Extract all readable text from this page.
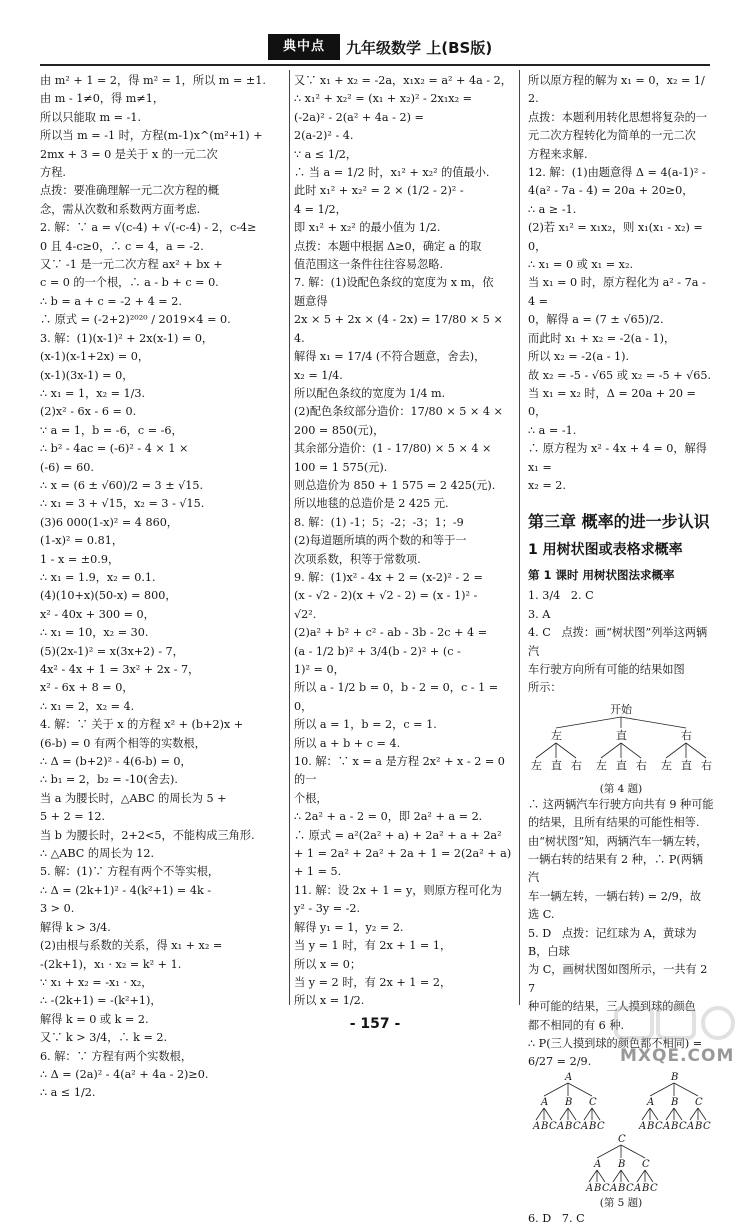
典中点	九年级数学 上(BS版)
由 m² + 1 = 2，得 m² = 1，所以 m = ±1.
由 m - 1≠0，得 m≠1，
所以只能取 m = -1.
所以当 m = -1 时，方程(m-1)x^(m²+1) +
2mx + 3 = 0 是关于 x 的一元二次
方程.
点拨：要准确理解一元二次方程的概
念，需从次数和系数两方面考虑.
2. 解：∵ a = √(c-4) + √(-c-4) - 2，c-4≥
0 且 4-c≥0，∴ c = 4，a = -2.
又∵ -1 是一元二次方程 ax² + bx +
c = 0 的一个根，∴ a - b + c = 0.
∴ b = a + c = -2 + 4 = 2.
∴ 原式 = (-2+2)²⁰²⁰ / 2019×4 = 0.
3. 解：(1)(x-1)² + 2x(x-1) = 0，
(x-1)(x-1+2x) = 0，
(x-1)(3x-1) = 0，
∴ x₁ = 1，x₂ = 1/3.
(2)x² - 6x - 6 = 0.
∵ a = 1，b = -6，c = -6，
∴ b² - 4ac = (-6)² - 4 × 1 ×
(-6) = 60.
∴ x = (6 ± √60)/2 = 3 ± √15.
∴ x₁ = 3 + √15，x₂ = 3 - √15.
(3)6 000(1-x)² = 4 860，
(1-x)² = 0.81，
1 - x = ±0.9，
∴ x₁ = 1.9，x₂ = 0.1.
(4)(10+x)(50-x) = 800，
x² - 40x + 300 = 0，
∴ x₁ = 10，x₂ = 30.
(5)(2x-1)² = x(3x+2) - 7，
4x² - 4x + 1 = 3x² + 2x - 7，
x² - 6x + 8 = 0，
∴ x₁ = 2，x₂ = 4.
4. 解：∵ 关于 x 的方程 x² + (b+2)x +
(6-b) = 0 有两个相等的实数根，
∴ Δ = (b+2)² - 4(6-b) = 0，
∴ b₁ = 2，b₂ = -10(舍去).
当 a 为腰长时，△ABC 的周长为 5 +
5 + 2 = 12.
当 b 为腰长时，2+2<5，不能构成三角形.
∴ △ABC 的周长为 12.
5. 解：(1)∵ 方程有两个不等实根，
∴ Δ = (2k+1)² - 4(k²+1) = 4k -
3 > 0.
解得 k > 3/4.
(2)由根与系数的关系，得 x₁ + x₂ =
-(2k+1)，x₁ · x₂ = k² + 1.
∵ x₁ + x₂ = -x₁ · x₂，
∴ -(2k+1) = -(k²+1)，
解得 k = 0 或 k = 2.
又∵ k > 3/4，∴ k = 2.
6. 解：∵ 方程有两个实数根，
∴ Δ = (2a)² - 4(a² + 4a - 2)≥0.
∴ a ≤ 1/2.
又∵ x₁ + x₂ = -2a，x₁x₂ = a² + 4a - 2，
∴ x₁² + x₂² = (x₁ + x₂)² - 2x₁x₂ =
(-2a)² - 2(a² + 4a - 2) =
2(a-2)² - 4.
∵ a ≤ 1/2，
∴ 当 a = 1/2 时，x₁² + x₂² 的值最小.
此时 x₁² + x₂² = 2 × (1/2 - 2)² -
4 = 1/2，
即 x₁² + x₂² 的最小值为 1/2.
点拨：本题中根据 Δ≥0，确定 a 的取
值范围这一条件往往容易忽略.
7. 解：(1)设配色条纹的宽度为 x m，依
题意得
2x × 5 + 2x × (4 - 2x) = 17/80 × 5 × 4.
解得 x₁ = 17/4 (不符合题意，舍去)，
x₂ = 1/4.
所以配色条纹的宽度为 1/4 m.
(2)配色条纹部分造价：17/80 × 5 × 4 ×
200 = 850(元)，
其余部分造价：(1 - 17/80) × 5 × 4 ×
100 = 1 575(元).
则总造价为 850 + 1 575 = 2 425(元).
所以地毯的总造价是 2 425 元.
8. 解：(1) -1；5；-2；-3；1；-9
(2)每道题所填的两个数的和等于一
次项系数，积等于常数项.
9. 解：(1)x² - 4x + 2 = (x-2)² - 2 =
(x - √2 - 2)(x + √2 - 2) = (x - 1)² -
√2².
(2)a² + b² + c² - ab - 3b - 2c + 4 =
(a - 1/2 b)² + 3/4(b - 2)² + (c -
1)² = 0，
所以 a - 1/2 b = 0，b - 2 = 0，c - 1 = 0，
所以 a = 1，b = 2，c = 1.
所以 a + b + c = 4.
10. 解：∵ x = a 是方程 2x² + x - 2 = 0 的一
个根，
∴ 2a² + a - 2 = 0，即 2a² + a = 2.
∴ 原式 = a²(2a² + a) + 2a² + a + 2a²
+ 1 = 2a² + 2a² + 2a + 1 = 2(2a² + a)
+ 1 = 5.
11. 解：设 2x + 1 = y，则原方程可化为
y² - 3y = -2.
解得 y₁ = 1，y₂ = 2.
当 y = 1 时，有 2x + 1 = 1，
所以 x = 0；
当 y = 2 时，有 2x + 1 = 2，
所以 x = 1/2.
所以原方程的解为 x₁ = 0，x₂ = 1/2.
点拨：本题利用转化思想将复杂的一
元二次方程转化为简单的一元二次
方程来求解.
12. 解：(1)由题意得 Δ = 4(a-1)² -
4(a² - 7a - 4) = 20a + 20≥0，
∴ a ≥ -1.
(2)若 x₁² = x₁x₂，则 x₁(x₁ - x₂) = 0，
∴ x₁ = 0 或 x₁ = x₂.
当 x₁ = 0 时，原方程化为 a² - 7a - 4 =
0，解得 a = (7 ± √65)/2.
而此时 x₁ + x₂ = -2(a - 1)，
所以 x₂ = -2(a - 1).
故 x₂ = -5 - √65 或 x₂ = -5 + √65.
当 x₁ = x₂ 时，Δ = 20a + 20 = 0，
∴ a = -1.
∴ 原方程为 x² - 4x + 4 = 0，解得 x₁ =
x₂ = 2.
第三章 概率的进一步认识
1 用树状图或表格求概率
第 1 课时 用树状图法求概率
1. 3/4   2. C
3. A
4. C   点拨：画“树状图”列举这两辆汽
车行驶方向所有可能的结果如图
所示：
开始
左
左 直 右
直
左 直 右
右
左 直 右
(第 4 题)
∴ 这两辆汽车行驶方向共有 9 种可能
的结果，且所有结果的可能性相等.
由“树状图”知，两辆汽车一辆左转，
一辆右转的结果有 2 种，∴ P(两辆汽
车一辆左转，一辆右转) = 2/9，故
选 C.
5. D   点拨：记红球为 A，黄球为 B，白球
为 C，画树状图如图所示，一共有 27
种可能的结果，三人摸到球的颜色
都不相同的有 6 种.
∴ P(三人摸到球的颜色都不相同) =
6/27 = 2/9.
A
A
A B C
B
A B C
C
A B C
B
A
A B C
B
A B C
C
A B C
C
A
A B C
B
A B C
C
A B C
(第 5 题)
6. D   7. C
- 157 -
MXQE.COM
